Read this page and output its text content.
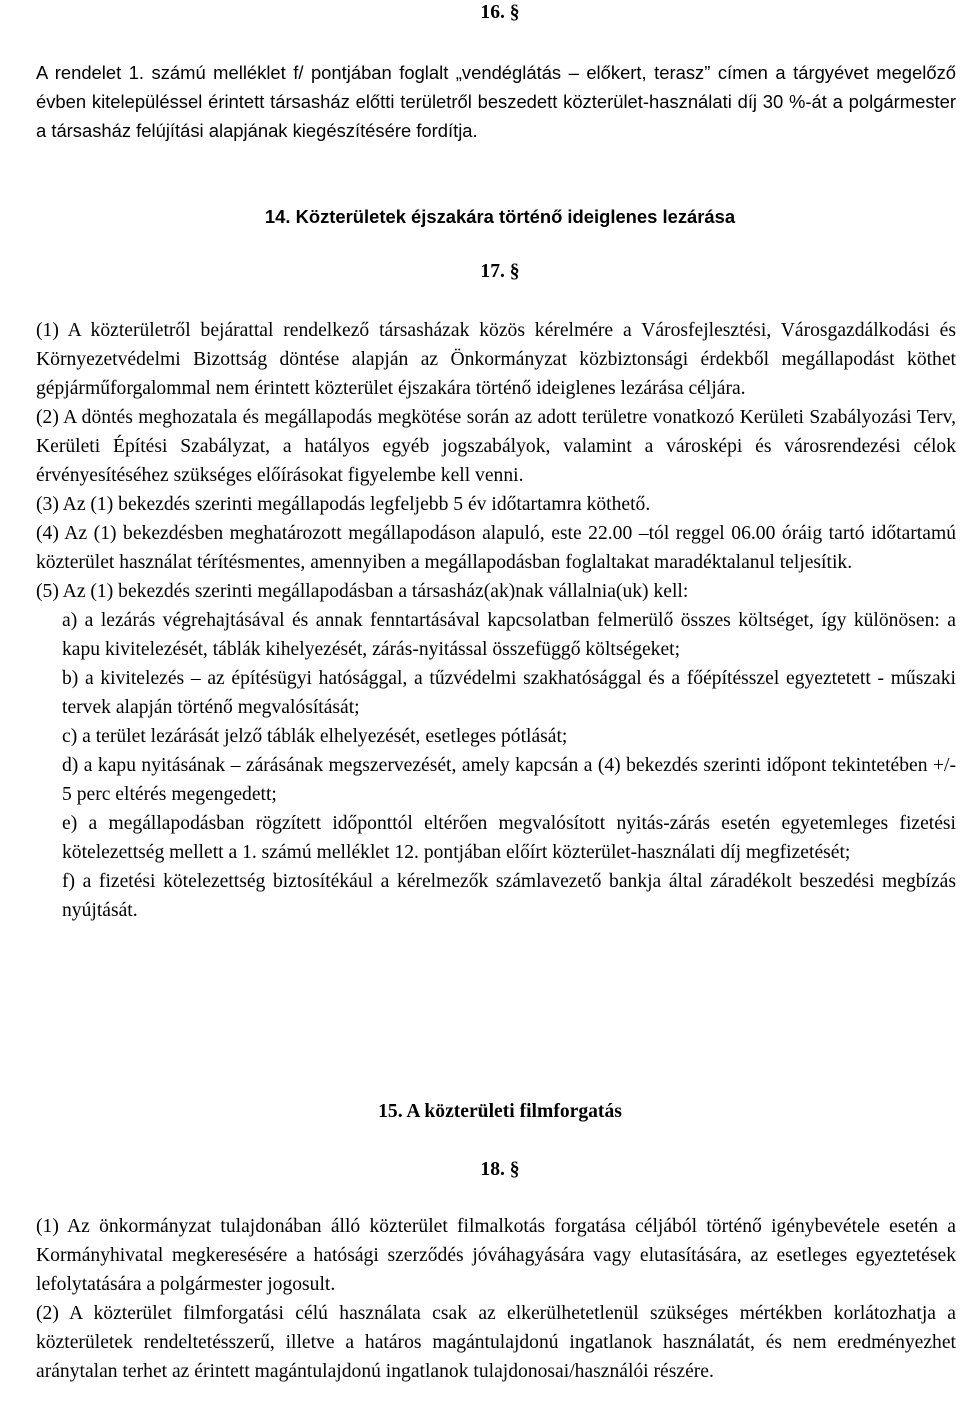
16. §

A rendelet 1. számú melléklet f/ pontjában foglalt „vendéglátás – előkert, terasz” címen a tárgyévet megelőző évben kitelepüléssel érintett társasház előtti területről beszedett közterület-használati díj 30 %-át a polgármester a társasház felújítási alapjának kiegészítésére fordítja.

14. Közterületek éjszakára történő ideiglenes lezárása
17. §

(1) A közterületről bejárattal rendelkező társasházak közös kérelmére a Városfejlesztési, Városgazdálkodási és Környezetvédelmi Bizottság döntése alapján az Önkormányzat közbiztonsági érdekből megállapodást köthet gépjárműforgalommal nem érintett közterület éjszakára történő ideiglenes lezárása céljára.

(2) A döntés meghozatala és megállapodás megkötése során az adott területre vonatkozó Kerületi Szabályozási Terv, Kerületi Építési Szabályzat, a hatályos egyéb jogszabályok, valamint a városképi és városrendezési célok érvényesítéséhez szükséges előírásokat figyelembe kell venni.

(3) Az (1) bekezdés szerinti megállapodás legfeljebb 5 év időtartamra köthető.

(4) Az (1) bekezdésben meghatározott megállapodáson alapuló, este 22.00 –tól reggel 06.00 óráig tartó időtartamú közterület használat térítésmentes, amennyiben a megállapodásban foglaltakat maradéktalanul teljesítik.

(5) Az (1) bekezdés szerinti megállapodásban a társasház(ak)nak vállalnia(uk) kell:

a) a lezárás végrehajtásával és annak fenntartásával kapcsolatban felmerülő összes költséget, így különösen: a kapu kivitelezését, táblák kihelyezését, zárás-nyitással összefüggő költségeket;

b) a kivitelezés – az építésügyi hatósággal, a tűzvédelmi szakhatósággal és a főépítésszel egyeztetett - műszaki tervek alapján történő megvalósítását;

c) a terület lezárását jelző táblák elhelyezését, esetleges pótlását;

d) a kapu nyitásának – zárásának megszervezését, amely kapcsán a (4) bekezdés szerinti időpont tekintetében +/- 5 perc eltérés megengedett;

e) a megállapodásban rögzített időponttól eltérően megvalósított nyitás-zárás esetén egyetemleges fizetési kötelezettség mellett a 1. számú melléklet 12. pontjában előírt közterület-használati díj megfizetését;

f) a fizetési kötelezettség biztosítékául a kérelmezők számlavezető bankja által záradékolt beszedési megbízás nyújtását.

15. A közterületi filmforgatás
18. §

(1) Az önkormányzat tulajdonában álló közterület filmalkotás forgatása céljából történő igénybevétele esetén a Kormányhivatal megkeresésére a hatósági szerződés jóváhagyására vagy elutasítására, az esetleges egyeztetések lefolytatására a polgármester jogosult.

(2) A közterület filmforgatási célú használata csak az elkerülhetetlenül szükséges mértékben korlátozhatja a közterületek rendeltetésszerű, illetve a határos magántulajdonú ingatlanok használatát, és nem eredményezhet aránytalan terhet az érintett magántulajdonú ingatlanok tulajdonosai/használói részére.
